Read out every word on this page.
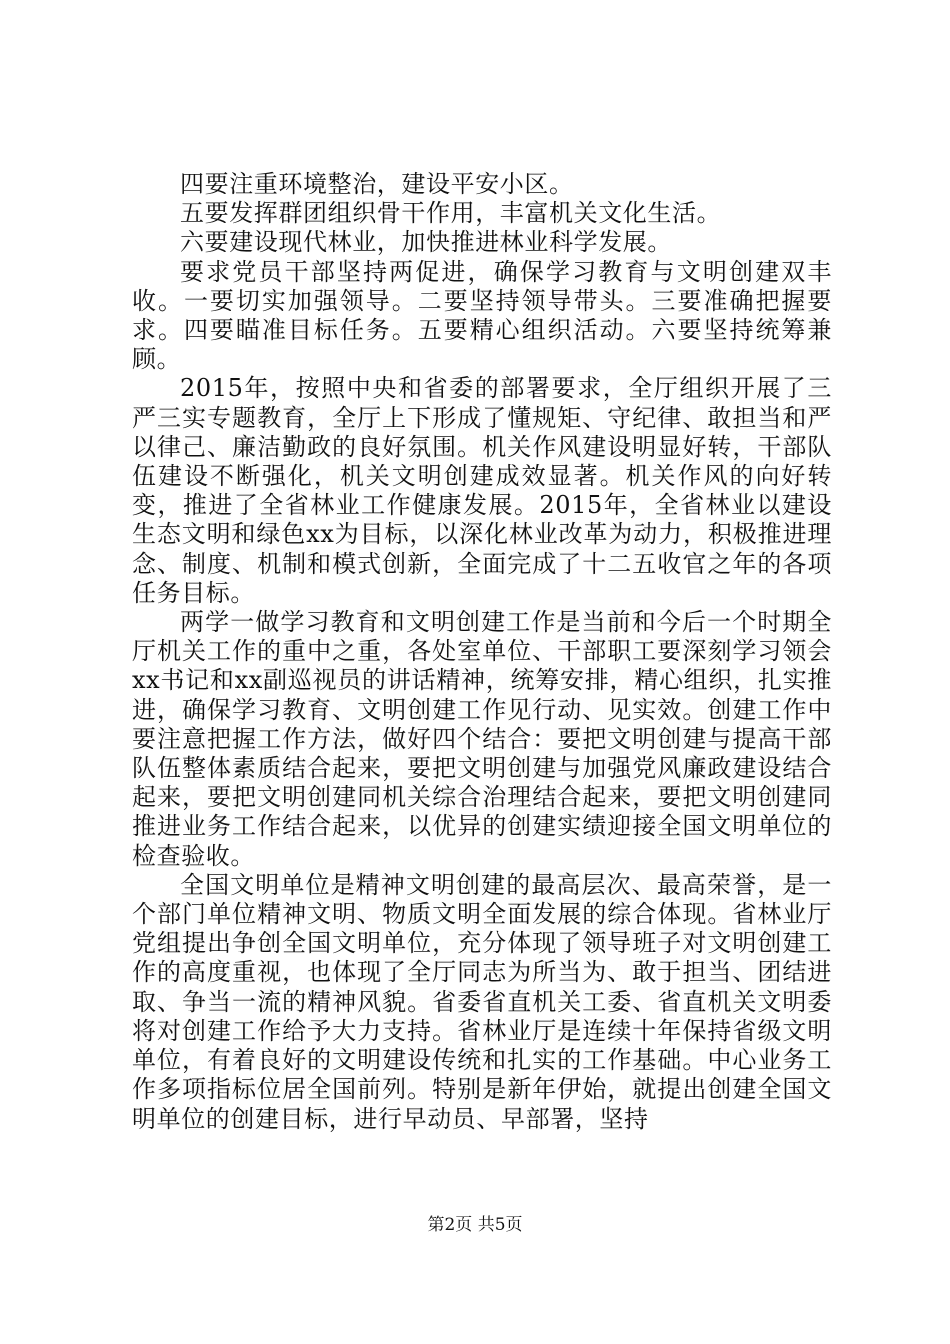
四要注重环境整治，建设平安小区。

五要发挥群团组织骨干作用，丰富机关文化生活。

六要建设现代林业，加快推进林业科学发展。

要求党员干部坚持两促进，确保学习教育与文明创建双丰收。一要切实加强领导。二要坚持领导带头。三要准确把握要求。四要瞄准目标任务。五要精心组织活动。六要坚持统筹兼顾。

2015年，按照中央和省委的部署要求，全厅组织开展了三严三实专题教育，全厅上下形成了懂规矩、守纪律、敢担当和严以律己、廉洁勤政的良好氛围。机关作风建设明显好转，干部队伍建设不断强化，机关文明创建成效显著。机关作风的向好转变，推进了全省林业工作健康发展。2015年，全省林业以建设生态文明和绿色xx为目标，以深化林业改革为动力，积极推进理念、制度、机制和模式创新，全面完成了十二五收官之年的各项任务目标。

两学一做学习教育和文明创建工作是当前和今后一个时期全厅机关工作的重中之重，各处室单位、干部职工要深刻学习领会xx书记和xx副巡视员的讲话精神，统筹安排，精心组织，扎实推进，确保学习教育、文明创建工作见行动、见实效。创建工作中要注意把握工作方法，做好四个结合：要把文明创建与提高干部队伍整体素质结合起来，要把文明创建与加强党风廉政建设结合起来，要把文明创建同机关综合治理结合起来，要把文明创建同推进业务工作结合起来，以优异的创建实绩迎接全国文明单位的检查验收。

全国文明单位是精神文明创建的最高层次、最高荣誉，是一个部门单位精神文明、物质文明全面发展的综合体现。省林业厅党组提出争创全国文明单位，充分体现了领导班子对文明创建工作的高度重视，也体现了全厅同志为所当为、敢于担当、团结进取、争当一流的精神风貌。省委省直机关工委、省直机关文明委将对创建工作给予大力支持。省林业厅是连续十年保持省级文明单位，有着良好的文明建设传统和扎实的工作基础。中心业务工作多项指标位居全国前列。特别是新年伊始，就提出创建全国文明单位的创建目标，进行早动员、早部署，坚持

第2页 共5页
